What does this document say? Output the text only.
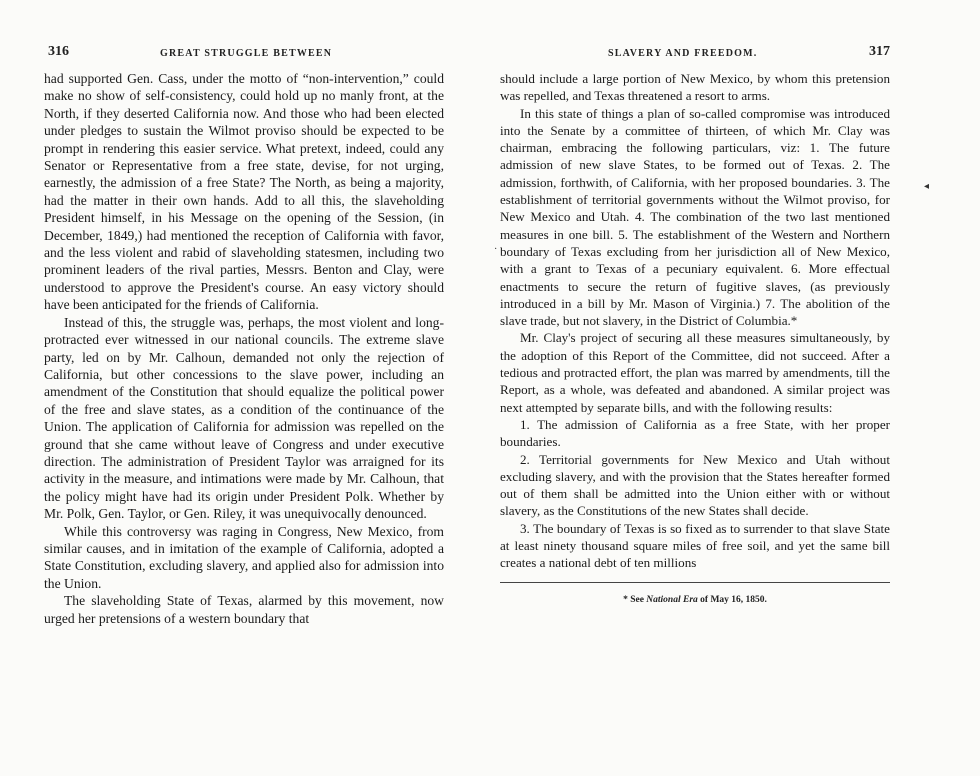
316	GREAT STRUGGLE BETWEEN

had supported Gen. Cass, under the motto of “non-intervention,” could make no show of self-consistency, could hold up no manly front, at the North, if they deserted California now. And those who had been elected under pledges to sustain the Wilmot proviso should be expected to be prompt in rendering this easier service. What pretext, indeed, could any Senator or Representative from a free state, devise, for not urging, earnestly, the admission of a free State? The North, as being a majority, had the matter in their own hands. Add to all this, the slaveholding President himself, in his Message on the opening of the Session, (in December, 1849,) had mentioned the reception of California with favor, and the less violent and rabid of slaveholding statesmen, including two prominent leaders of the rival parties, Messrs. Benton and Clay, were understood to approve the President's course. An easy victory should have been anticipated for the friends of California.

Instead of this, the struggle was, perhaps, the most violent and long-protracted ever witnessed in our national councils. The extreme slave party, led on by Mr. Calhoun, demanded not only the rejection of California, but other concessions to the slave power, including an amendment of the Constitution that should equalize the political power of the free and slave states, as a condition of the continuance of the Union. The application of California for admission was repelled on the ground that she came without leave of Congress and under executive direction. The administration of President Taylor was arraigned for its activity in the measure, and intimations were made by Mr. Calhoun, that the policy might have had its origin under President Polk. Whether by Mr. Polk, Gen. Taylor, or Gen. Riley, it was unequivocally denounced.

While this controversy was raging in Congress, New Mexico, from similar causes, and in imitation of the example of California, adopted a State Constitution, excluding slavery, and applied also for admission into the Union.

The slaveholding State of Texas, alarmed by this movement, now urged her pretensions of a western boundary that

SLAVERY AND FREEDOM.	317

should include a large portion of New Mexico, by whom this pretension was repelled, and Texas threatened a resort to arms.

In this state of things a plan of so-called compromise was introduced into the Senate by a committee of thirteen, of which Mr. Clay was chairman, embracing the following particulars, viz: 1. The future admission of new slave States, to be formed out of Texas. 2. The admission, forthwith, of California, with her proposed boundaries. 3. The establishment of territorial governments without the Wilmot proviso, for New Mexico and Utah. 4. The combination of the two last mentioned measures in one bill. 5. The establishment of the Western and Northern boundary of Texas excluding from her jurisdiction all of New Mexico, with a grant to Texas of a pecuniary equivalent. 6. More effectual enactments to secure the return of fugitive slaves, (as previously introduced in a bill by Mr. Mason of Virginia.) 7. The abolition of the slave trade, but not slavery, in the District of Columbia.*

Mr. Clay's project of securing all these measures simultaneously, by the adoption of this Report of the Committee, did not succeed. After a tedious and protracted effort, the plan was marred by amendments, till the Report, as a whole, was defeated and abandoned. A similar project was next attempted by separate bills, and with the following results:

1. The admission of California as a free State, with her proper boundaries.

2. Territorial governments for New Mexico and Utah without excluding slavery, and with the provision that the States hereafter formed out of them shall be admitted into the Union either with or without slavery, as the Constitutions of the new States shall decide.

3. The boundary of Texas is so fixed as to surrender to that slave State at least ninety thousand square miles of free soil, and yet the same bill creates a national debt of ten millions

* See National Era of May 16, 1850.
◂
·
